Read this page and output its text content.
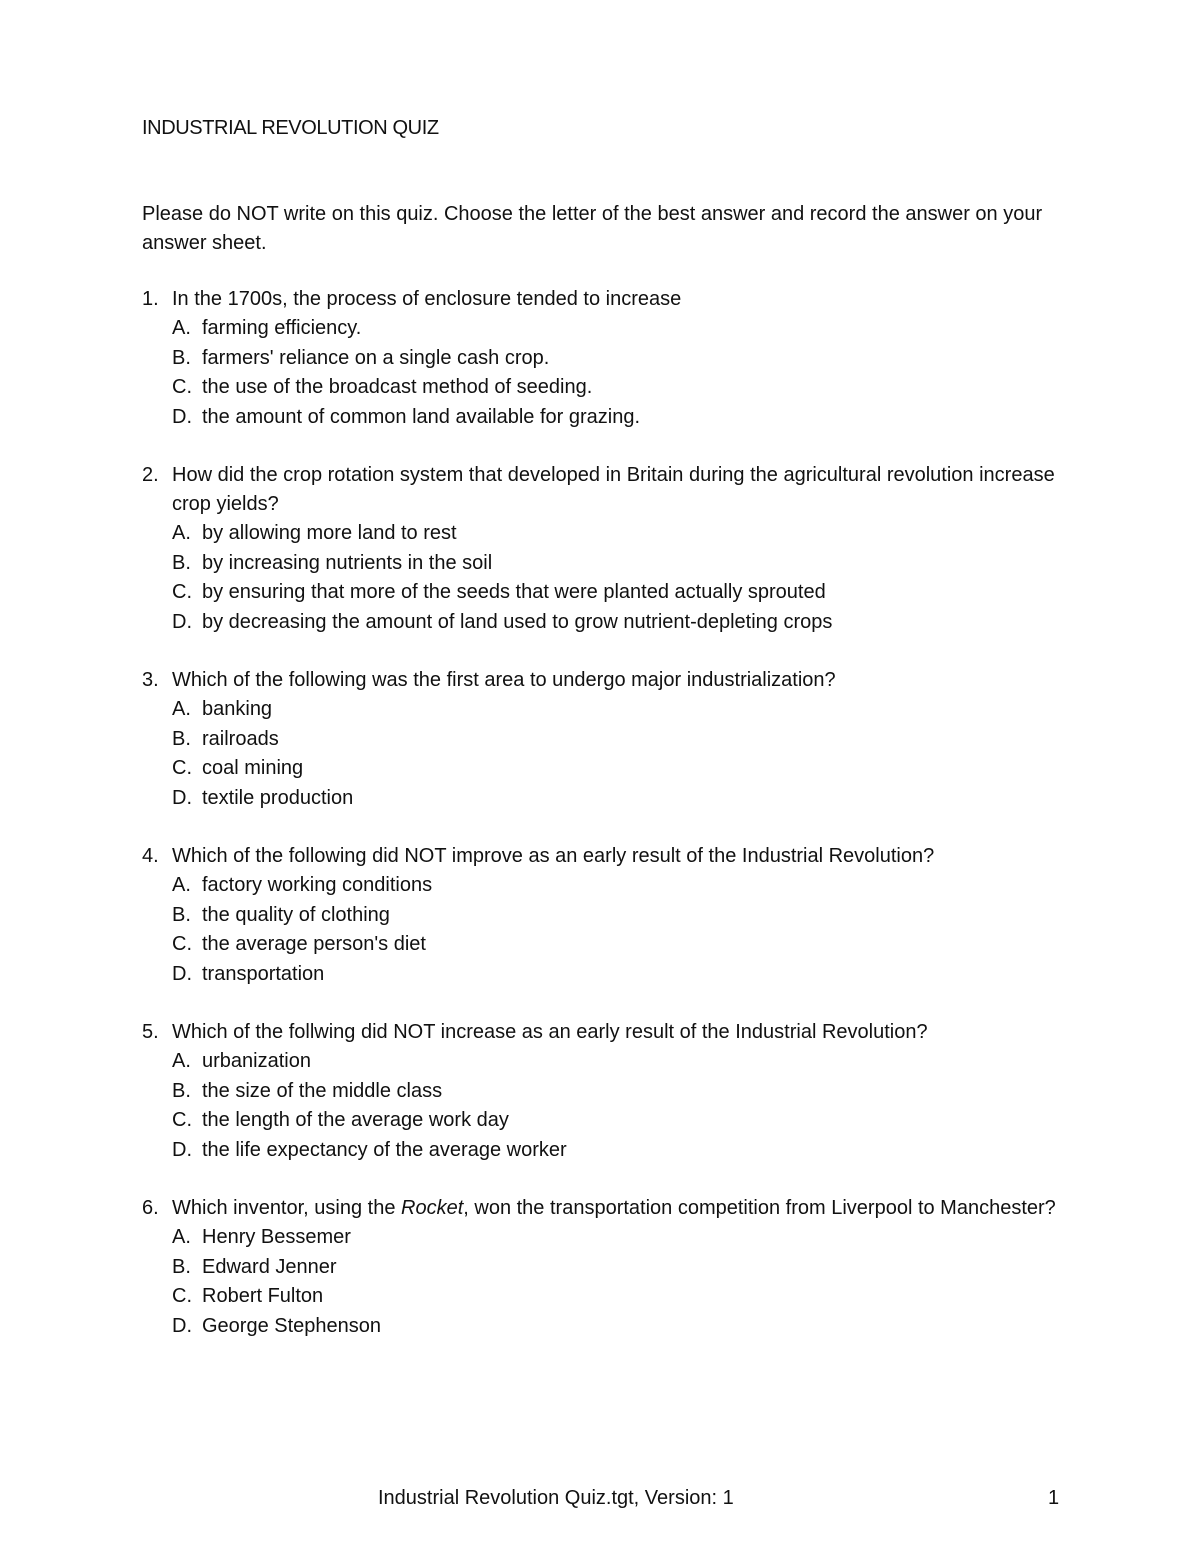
INDUSTRIAL REVOLUTION QUIZ
Please do NOT write on this quiz. Choose the letter of the best answer and record the answer on your answer sheet.
1. In the 1700s, the process of enclosure tended to increase
A. farming efficiency.
B. farmers' reliance on a single cash crop.
C. the use of the broadcast method of seeding.
D. the amount of common land available for grazing.
2. How did the crop rotation system that developed in Britain during the agricultural revolution increase crop yields?
A. by allowing more land to rest
B. by increasing nutrients in the soil
C. by ensuring that more of the seeds that were planted actually sprouted
D. by decreasing the amount of land used to grow nutrient-depleting crops
3. Which of the following was the first area to undergo major industrialization?
A. banking
B. railroads
C. coal mining
D. textile production
4. Which of the following did NOT improve as an early result of the Industrial Revolution?
A. factory working conditions
B. the quality of clothing
C. the average person's diet
D. transportation
5. Which of the follwing did NOT increase as an early result of the Industrial Revolution?
A. urbanization
B. the size of the middle class
C. the length of the average work day
D. the life expectancy of the average worker
6. Which inventor, using the Rocket, won the transportation competition from Liverpool to Manchester?
A. Henry Bessemer
B. Edward Jenner
C. Robert Fulton
D. George Stephenson
Industrial Revolution Quiz.tgt, Version: 1	1
